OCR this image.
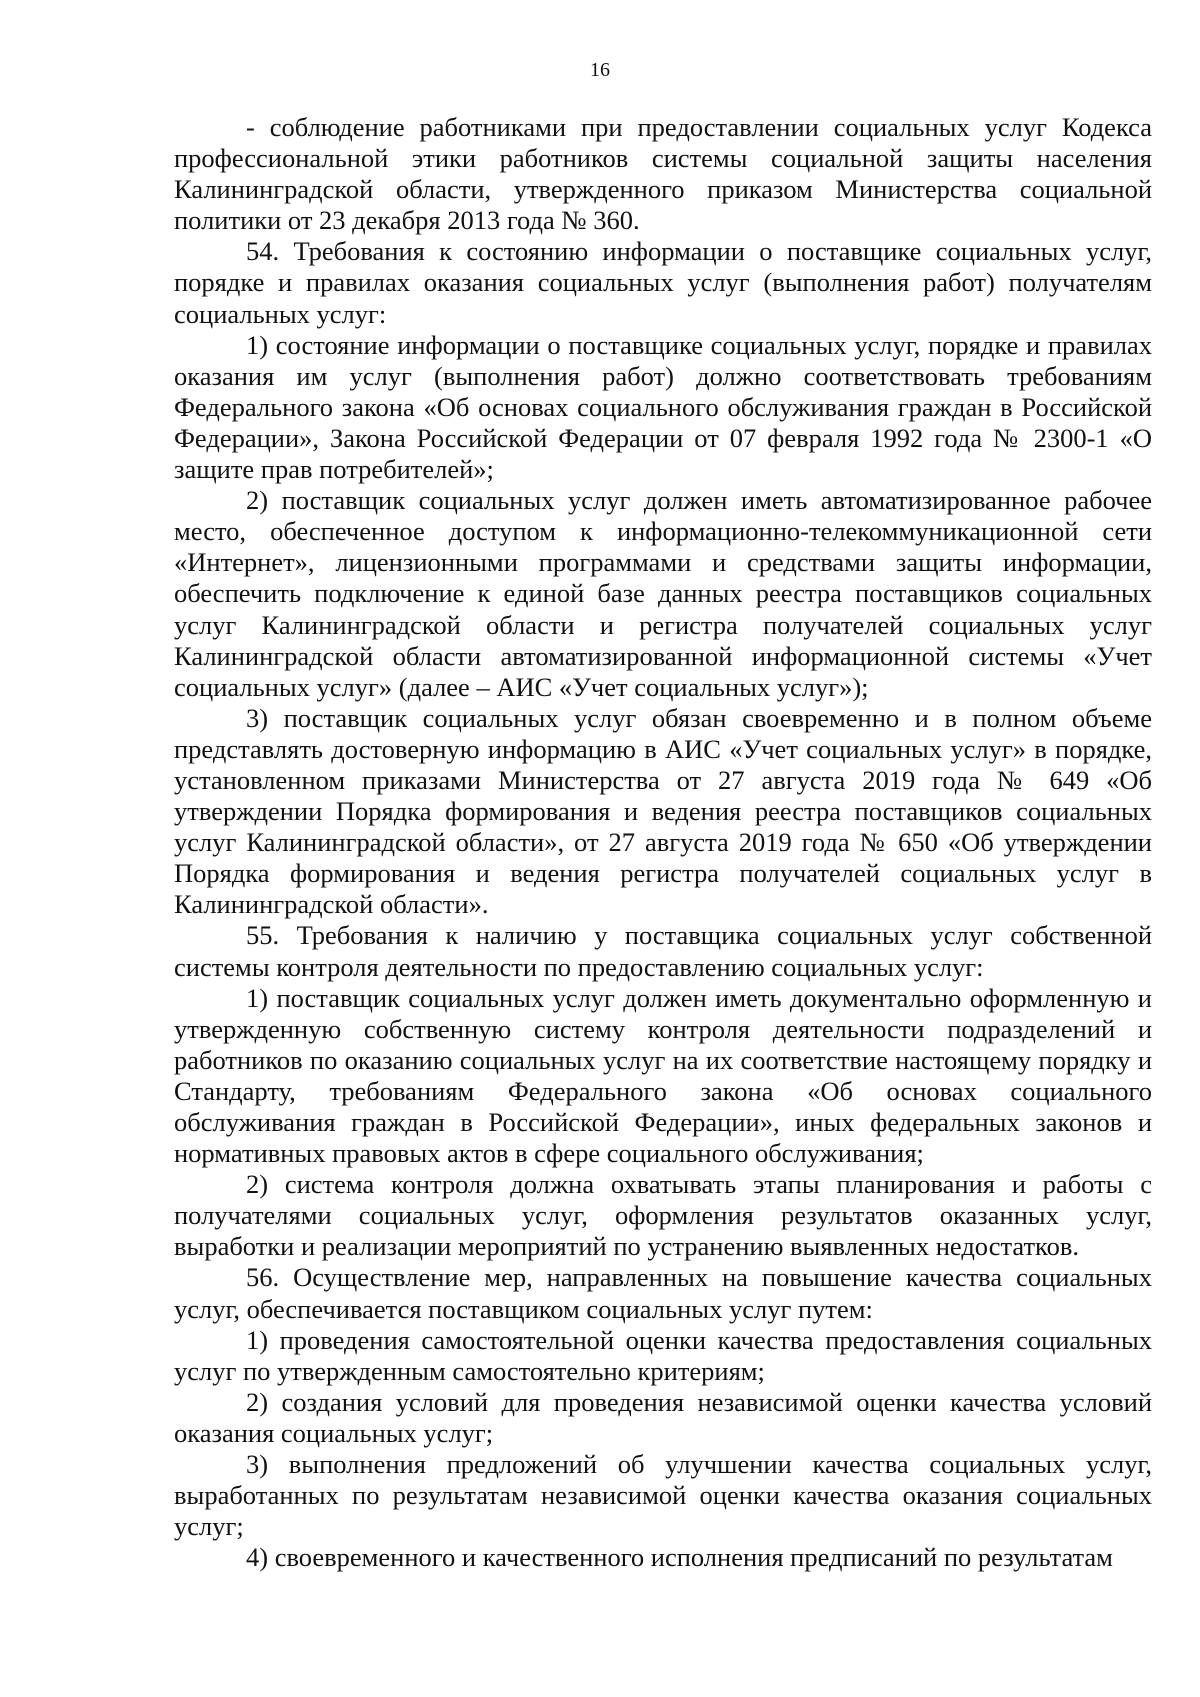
16

- соблюдение работниками при предоставлении социальных услуг Кодекса профессиональной этики работников системы социальной защиты населения Калининградской области, утвержденного приказом Министерства социальной политики от 23 декабря 2013 года № 360.

54. Требования к состоянию информации о поставщике социальных услуг, порядке и правилах оказания социальных услуг (выполнения работ) получателям социальных услуг:

1) состояние информации о поставщике социальных услуг, порядке и правилах оказания им услуг (выполнения работ) должно соответствовать требованиям Федерального закона «Об основах социального обслуживания граждан в Российской Федерации», Закона Российской Федерации от 07 февраля 1992 года № 2300-1 «О защите прав потребителей»;

2) поставщик социальных услуг должен иметь автоматизированное рабочее место, обеспеченное доступом к информационно-телекоммуникационной сети «Интернет», лицензионными программами и средствами защиты информации, обеспечить подключение к единой базе данных реестра поставщиков социальных услуг Калининградской области и регистра получателей социальных услуг Калининградской области автоматизированной информационной системы «Учет социальных услуг» (далее – АИС «Учет социальных услуг»);

3) поставщик социальных услуг обязан своевременно и в полном объеме представлять достоверную информацию в АИС «Учет социальных услуг» в порядке, установленном приказами Министерства от 27 августа 2019 года № 649 «Об утверждении Порядка формирования и ведения реестра поставщиков социальных услуг Калининградской области», от 27 августа 2019 года № 650 «Об утверждении Порядка формирования и ведения регистра получателей социальных услуг в Калининградской области».

55. Требования к наличию у поставщика социальных услуг собственной системы контроля деятельности по предоставлению социальных услуг:

1) поставщик социальных услуг должен иметь документально оформленную и утвержденную собственную систему контроля деятельности подразделений и работников по оказанию социальных услуг на их соответствие настоящему порядку и Стандарту, требованиям Федерального закона «Об основах социального обслуживания граждан в Российской Федерации», иных федеральных законов и нормативных правовых актов в сфере социального обслуживания;

2) система контроля должна охватывать этапы планирования и работы с получателями социальных услуг, оформления результатов оказанных услуг, выработки и реализации мероприятий по устранению выявленных недостатков.

56. Осуществление мер, направленных на повышение качества социальных услуг, обеспечивается поставщиком социальных услуг путем:

1) проведения самостоятельной оценки качества предоставления социальных услуг по утвержденным самостоятельно критериям;

2) создания условий для проведения независимой оценки качества условий оказания социальных услуг;

3) выполнения предложений об улучшении качества социальных услуг, выработанных по результатам независимой оценки качества оказания социальных услуг;

4) своевременного и качественного исполнения предписаний по результатам
